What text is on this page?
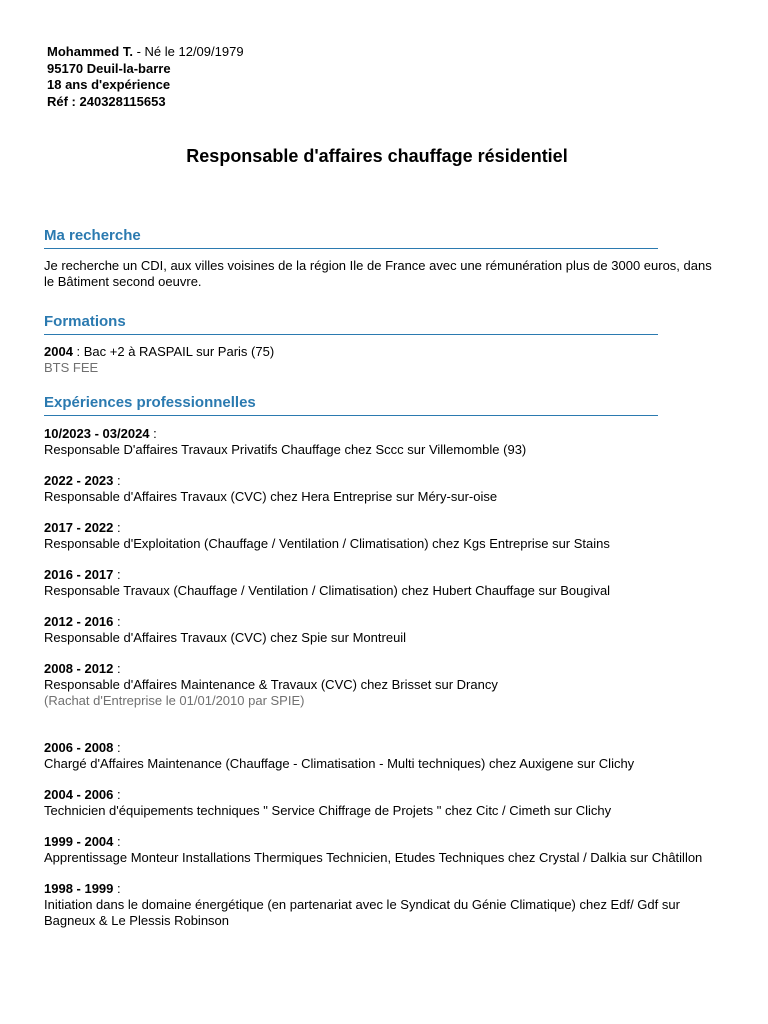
Mohammed T. - Né le 12/09/1979
95170 Deuil-la-barre
18 ans d'expérience
Réf : 240328115653
Responsable d'affaires chauffage résidentiel
Ma recherche
Je recherche un CDI, aux villes voisines de la région Ile de France avec une rémunération plus de 3000 euros, dans le Bâtiment second oeuvre.
Formations
2004 : Bac +2 à RASPAIL sur Paris (75)
BTS FEE
Expériences professionnelles
10/2023 - 03/2024 :
Responsable D'affaires Travaux Privatifs Chauffage chez Sccc sur Villemomble (93)
2022 - 2023 :
Responsable d'Affaires Travaux (CVC) chez Hera Entreprise sur Méry-sur-oise
2017 - 2022 :
Responsable d'Exploitation (Chauffage / Ventilation / Climatisation) chez Kgs Entreprise sur Stains
2016 - 2017 :
Responsable Travaux (Chauffage / Ventilation / Climatisation) chez Hubert Chauffage sur Bougival
2012 - 2016 :
Responsable d'Affaires Travaux (CVC) chez Spie sur Montreuil
2008 - 2012 :
Responsable d'Affaires Maintenance & Travaux (CVC) chez Brisset sur Drancy
(Rachat d'Entreprise le 01/01/2010 par SPIE)
2006 - 2008 :
Chargé d'Affaires Maintenance (Chauffage - Climatisation - Multi techniques) chez Auxigene sur Clichy
2004 - 2006 :
Technicien d'équipements techniques " Service Chiffrage de Projets " chez Citc / Cimeth sur Clichy
1999 - 2004 :
Apprentissage Monteur Installations Thermiques Technicien, Etudes Techniques chez Crystal / Dalkia sur Châtillon
1998 - 1999 :
Initiation dans le domaine énergétique (en partenariat avec le Syndicat du Génie Climatique) chez Edf/ Gdf sur Bagneux & Le Plessis Robinson
